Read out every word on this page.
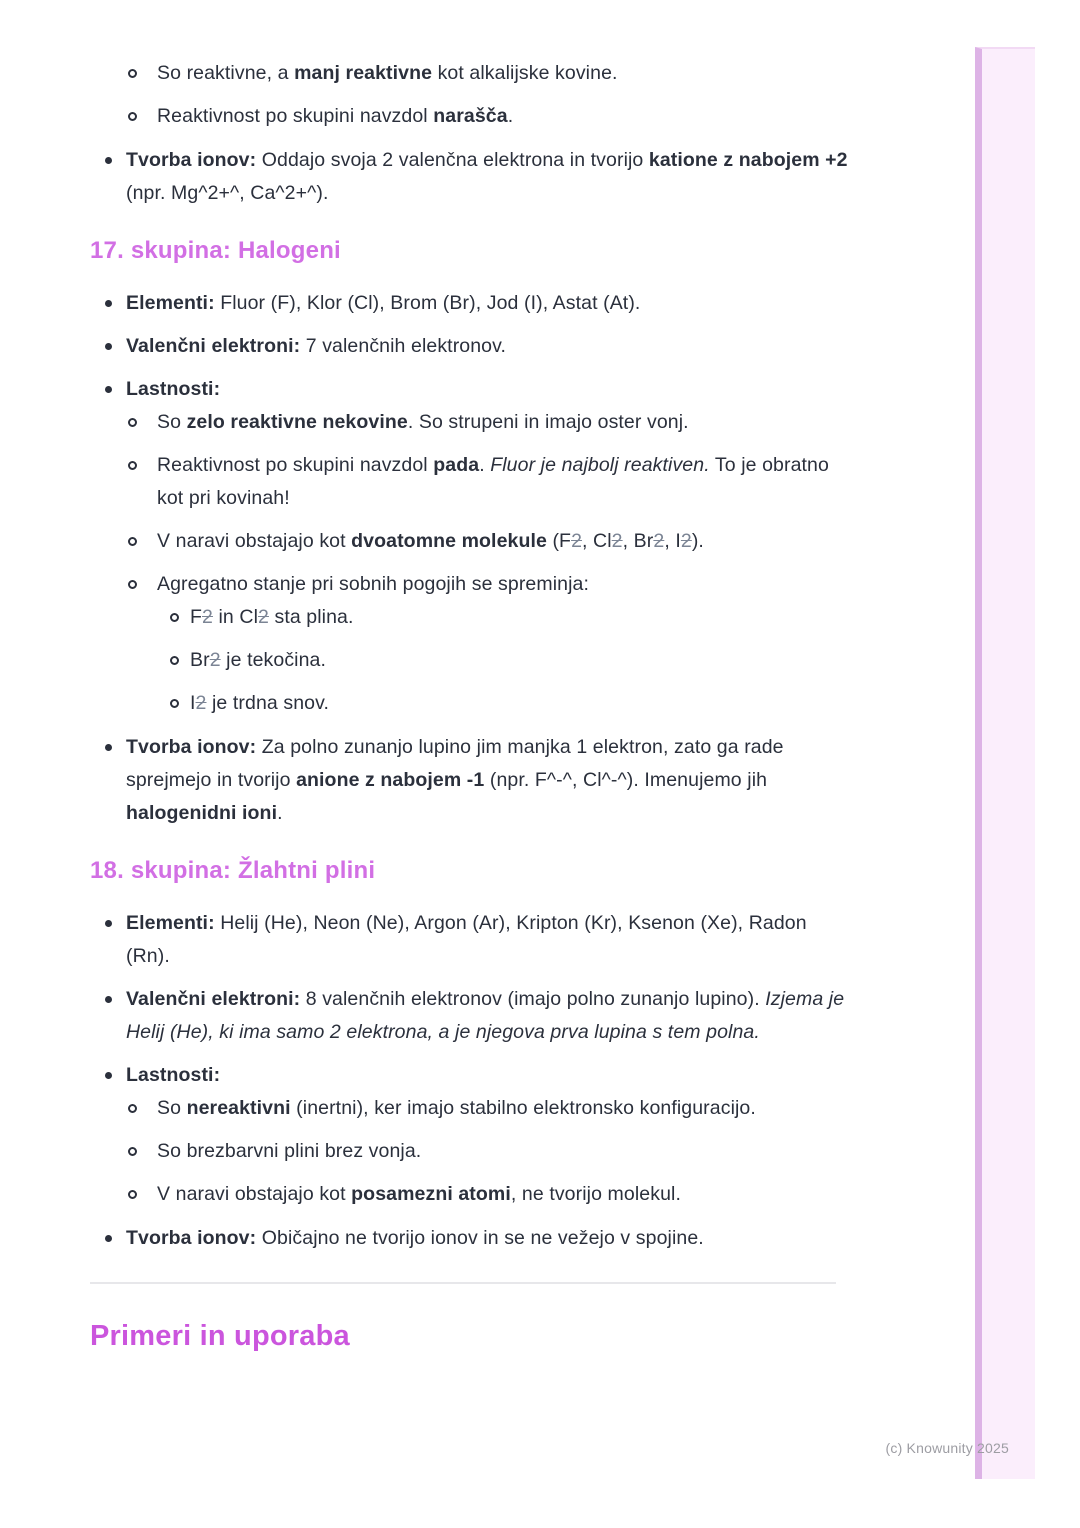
So reaktivne, a manj reaktivne kot alkalijske kovine.
Reaktivnost po skupini navzdol narašča.
Tvorba ionov: Oddajo svoja 2 valenčna elektrona in tvorijo katione z nabojem +2 (npr. Mg^2+^, Ca^2+^).
17. skupina: Halogeni
Elementi: Fluor (F), Klor (Cl), Brom (Br), Jod (I), Astat (At).
Valenčni elektroni: 7 valenčnih elektronov.
Lastnosti:
So zelo reaktivne nekovine. So strupeni in imajo oster vonj.
Reaktivnost po skupini navzdol pada. Fluor je najbolj reaktiven. To je obratno kot pri kovinah!
V naravi obstajajo kot dvoatomne molekule (F2, Cl2, Br2, I2).
Agregatno stanje pri sobnih pogojih se spreminja:
F2 in Cl2 sta plina.
Br2 je tekočina.
I2 je trdna snov.
Tvorba ionov: Za polno zunanjo lupino jim manjka 1 elektron, zato ga rade sprejmejo in tvorijo anione z nabojem -1 (npr. F^-^, Cl^-^). Imenujemo jih halogenidni ioni.
18. skupina: Žlahtni plini
Elementi: Helij (He), Neon (Ne), Argon (Ar), Kripton (Kr), Ksenon (Xe), Radon (Rn).
Valenčni elektroni: 8 valenčnih elektronov (imajo polno zunanjo lupino). Izjema je Helij (He), ki ima samo 2 elektrona, a je njegova prva lupina s tem polna.
Lastnosti:
So nereaktivni (inertni), ker imajo stabilno elektronsko konfiguracijo.
So brezbarvni plini brez vonja.
V naravi obstajajo kot posamezni atomi, ne tvorijo molekul.
Tvorba ionov: Običajno ne tvorijo ionov in se ne vežejo v spojine.
Primeri in uporaba
(c) Knowunity 2025
